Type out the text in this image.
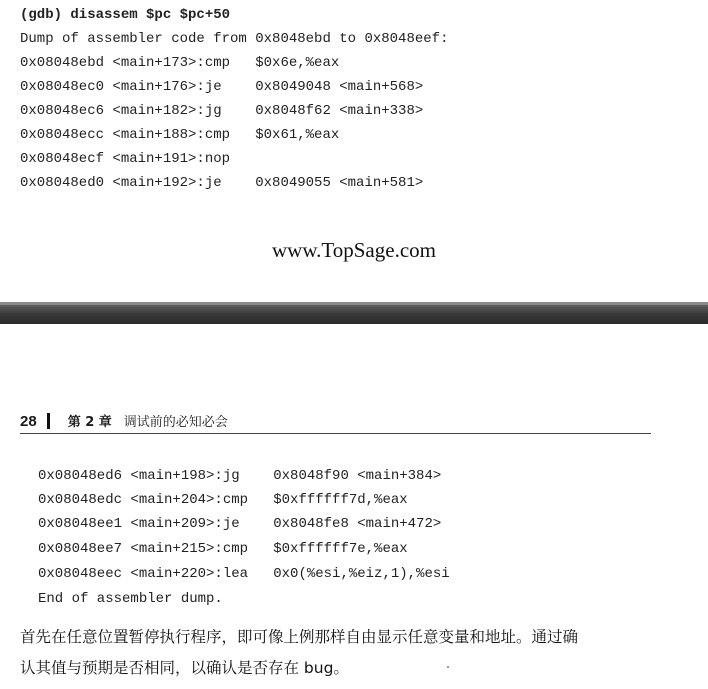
(gdb) disassem $pc $pc+50
Dump of assembler code from 0x8048ebd to 0x8048eef:
0x08048ebd <main+173>:cmp   $0x6e,%eax
0x08048ec0 <main+176>:je    0x8049048 <main+568>
0x08048ec6 <main+182>:jg    0x8048f62 <main+338>
0x08048ecc <main+188>:cmp   $0x61,%eax
0x08048ecf <main+191>:nop
0x08048ed0 <main+192>:je    0x8049055 <main+581>
www.TopSage.com
28 第 2 章 调试前的必知必会
0x08048ed6 <main+198>:jg    0x8048f90 <main+384>
0x08048edc <main+204>:cmp   $0xffffff7d,%eax
0x08048ee1 <main+209>:je    0x8048fe8 <main+472>
0x08048ee7 <main+215>:cmp   $0xffffff7e,%eax
0x08048eec <main+220>:lea   0x0(%esi,%eiz,1),%esi
End of assembler dump.
首先在任意位置暂停执行程序，即可像上例那样自由显示任意变量和地址。通过确
认其值与预期是否相同，以确认是否存在 bug。
